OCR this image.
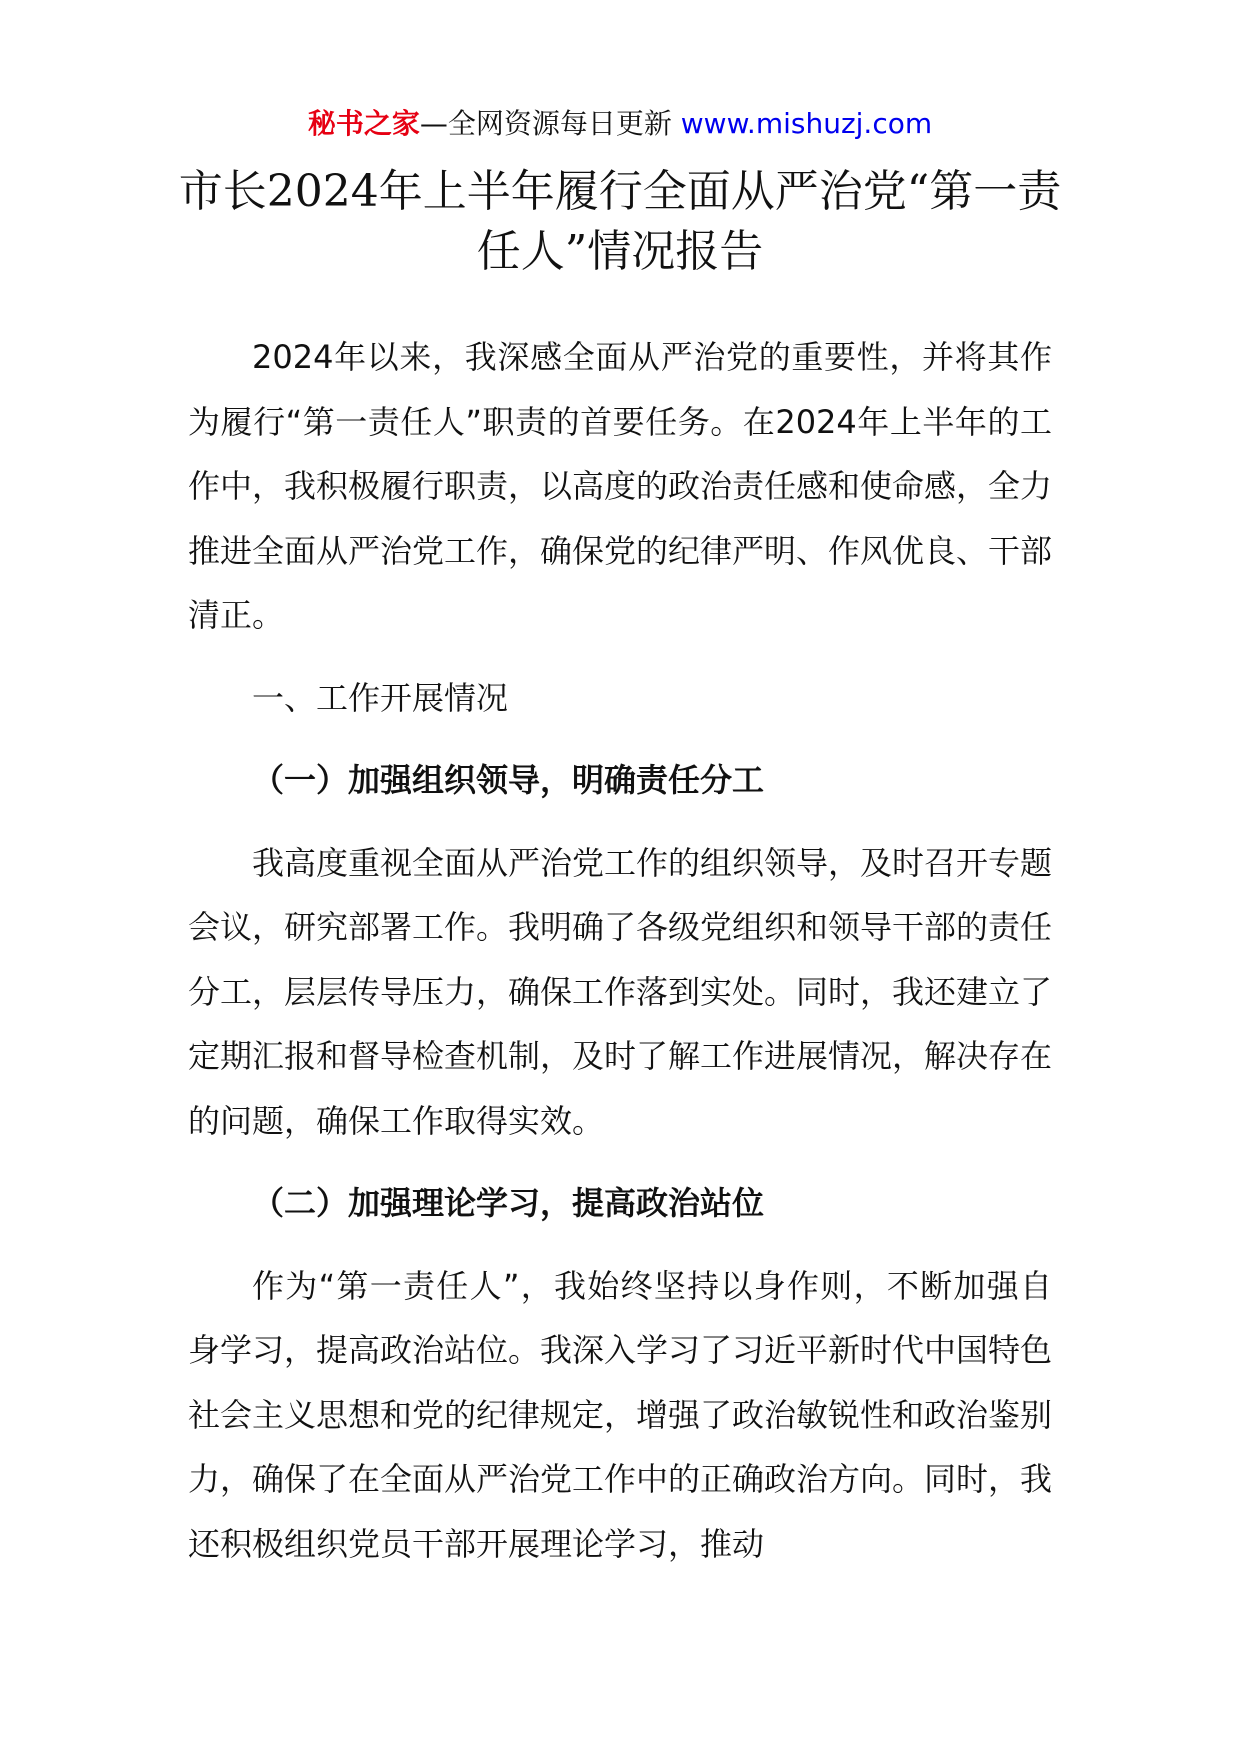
秘书之家—全网资源每日更新 www.mishuzj.com
市长2024年上半年履行全面从严治党“第一责任人”情况报告

2024年以来，我深感全面从严治党的重要性，并将其作为履行“第一责任人”职责的首要任务。在2024年上半年的工作中，我积极履行职责，以高度的政治责任感和使命感，全力推进全面从严治党工作，确保党的纪律严明、作风优良、干部清正。

一、工作开展情况

（一）加强组织领导，明确责任分工

我高度重视全面从严治党工作的组织领导，及时召开专题会议，研究部署工作。我明确了各级党组织和领导干部的责任分工，层层传导压力，确保工作落到实处。同时，我还建立了定期汇报和督导检查机制，及时了解工作进展情况，解决存在的问题，确保工作取得实效。

（二）加强理论学习，提高政治站位

作为“第一责任人”，我始终坚持以身作则，不断加强自身学习，提高政治站位。我深入学习了习近平新时代中国特色社会主义思想和党的纪律规定，增强了政治敏锐性和政治鉴别力，确保了在全面从严治党工作中的正确政治方向。同时，我还积极组织党员干部开展理论学习，推动
